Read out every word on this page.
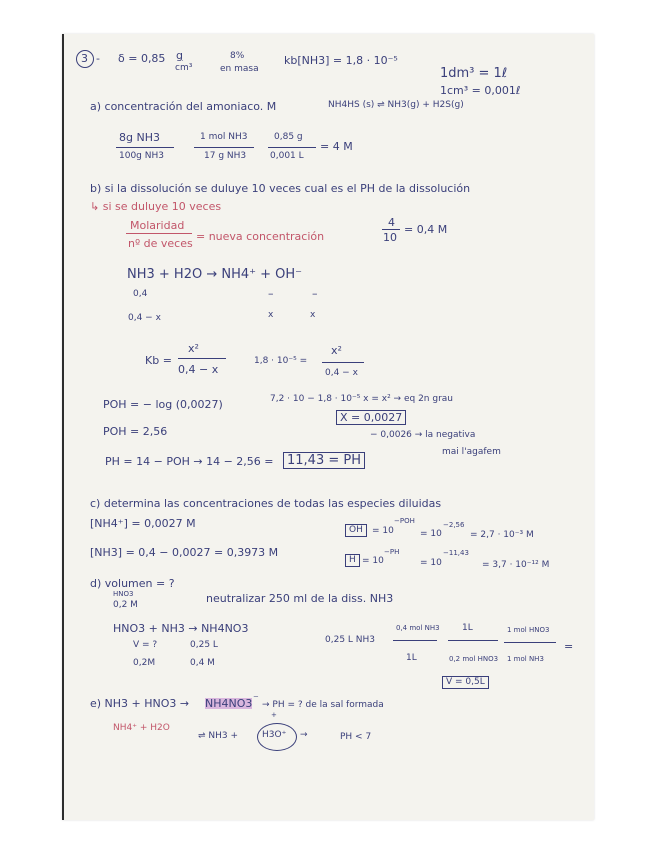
3 - δ = 0,85 g
cm³
8%
en masa
kb[NH3] = 1,8 · 10⁻⁵
1dm³ = 1ℓ
1cm³ = 0,001ℓ
a) concentración del amoniaco. M	NH4HS (s) ⇌ NH3(g) + H2S(g)
8g NH3
100g NH3
1 mol NH3
17 g NH3
0,85 g
0,001 L
= 4 M
b) si la dissolución se duluye 10 veces cual es el PH de la dissolución
↳ si se duluye 10 veces
Molaridad
nº de veces
= nueva concentración
4
10
= 0,4 M
NH3 + H2O → NH4⁺ + OH⁻
0,4	–	–
0,4 − x	x	x
Kb =
x²
0,4 − x
1,8 · 10⁻⁵ =
x²
0,4 − x
7,2 · 10 − 1,8 · 10⁻⁵ x = x² → eq 2n grau
X = 0,0027
− 0,0026 → la negativa
mai l'agafem
POH = − log (0,0027)
POH = 2,56
PH = 14 − POH → 14 − 2,56 =	11,43 = PH
c) determina las concentraciones de todas las especies diluidas
[NH4⁺] = 0,0027 M
[NH3] = 0,4 − 0,0027 = 0,3973 M
OH	= 10
−POH
= 10
−2,56
= 2,7 · 10⁻³ M
H = 10
−PH
= 10
−11,43
= 3,7 · 10⁻¹² M
d) volumen = ?
HNO3
0,2 M	neutralizar 250 ml de la diss. NH3
HNO3 + NH3 → NH4NO3
V = ?	0,25 L
0,2M	0,4 M
0,25 L NH3
0,4 mol NH3
1L
1L
0,2 mol HNO3
1 mol HNO3
1 mol NH3
=
V = 0,5L
e) NH3 + HNO3 → NH4NO3 ⁻ → PH = ? de la sal formada
NH4⁺ + H2O
⇌ NH3 +
+
H3O⁺ →	PH < 7
